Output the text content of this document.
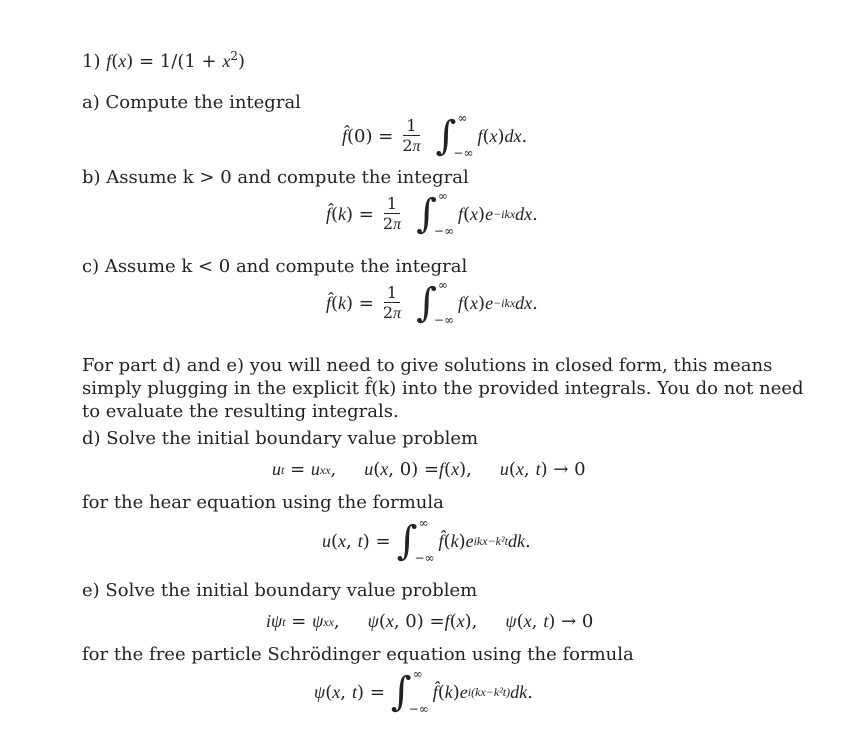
1) $f(x) = 1/(1 + x^2)$
a) Compute the integral
f̂ $(0) = \frac{1}{2\pi}$ ∫ ∞
−∞
f ( x ) dx .
b) Assume k > 0 and compute the integral
f̂ ( k ) = $\frac{1}{2\pi}$ ∫ ∞
−∞
f ( x ) e −ikx dx .
c) Assume k < 0 and compute the integral
f̂ ( k ) = $\frac{1}{2\pi}$ ∫ ∞
−∞
f ( x ) e −ikx dx .
For part d) and e) you will need to give solutions in closed form, this means simply plugging in the explicit f̂(k) into the provided integrals. You do not need to evaluate the resulting integrals.
d) Solve the initial boundary value problem
u t = u xx , u ( x , 0) = f ( x ), u ( x , t ) → 0
for the hear equation using the formula
u ( x , t ) = ∫ ∞
−∞
f̂ ( k ) e ikx−k²t dk .
e) Solve the initial boundary value problem
iψ t = ψ xx , ψ ( x , 0) = f ( x ), ψ ( x , t ) → 0
for the free particle Schrödinger equation using the formula
ψ ( x , t ) = ∫ ∞
−∞
f̂ ( k ) e i(kx−k²t) dk .
